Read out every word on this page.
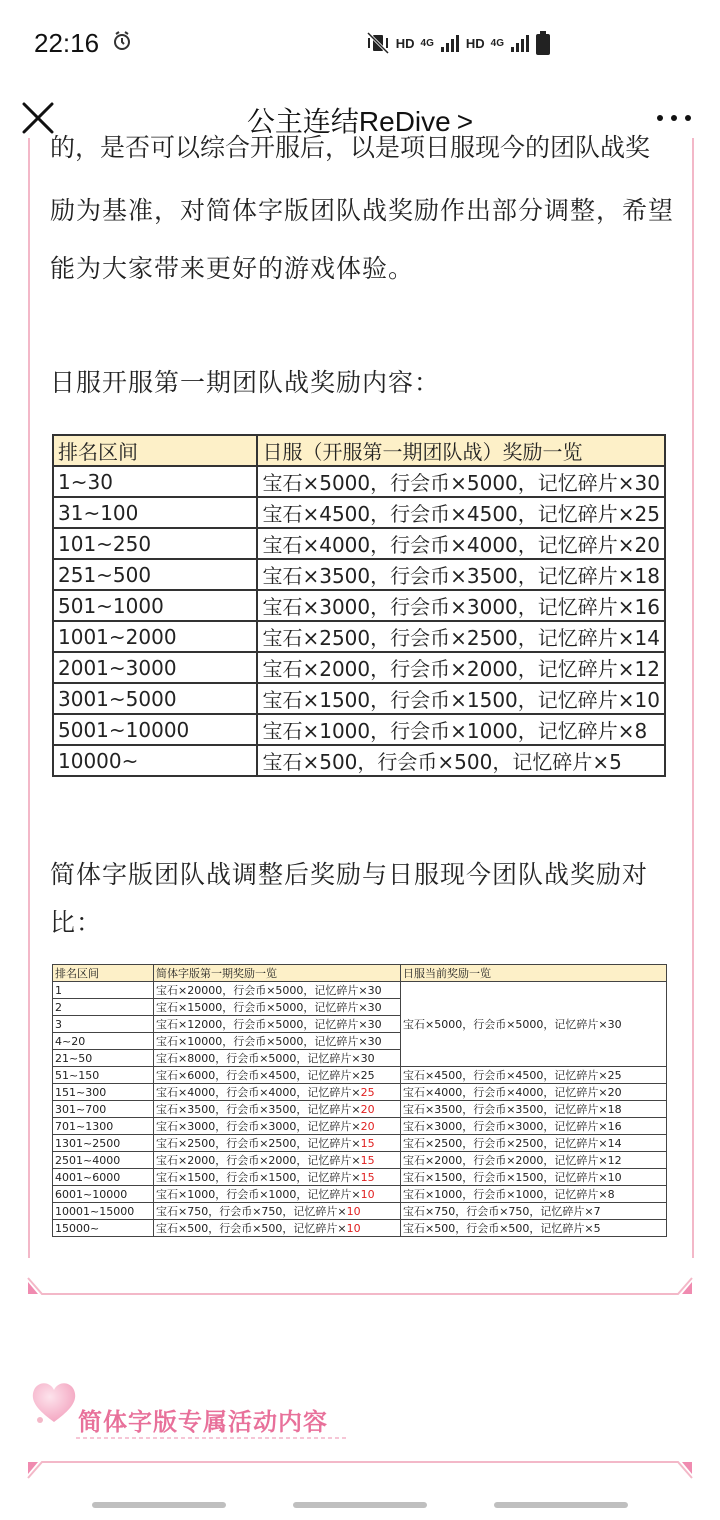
22:16	HD 4G HD 4G
公主连结ReDive >
的，是否可以综合开服后，以是项日服现今的团队战奖
励为基准，对简体字版团队战奖励作出部分调整，希望
能为大家带来更好的游戏体验。
日服开服第一期团队战奖励内容：
排名区间	日服（开服第一期团队战）奖励一览
1~30	宝石×5000，行会币×5000，记忆碎片×30
31~100	宝石×4500，行会币×4500，记忆碎片×25
101~250	宝石×4000，行会币×4000，记忆碎片×20
251~500	宝石×3500，行会币×3500，记忆碎片×18
501~1000	宝石×3000，行会币×3000，记忆碎片×16
1001~2000	宝石×2500，行会币×2500，记忆碎片×14
2001~3000	宝石×2000，行会币×2000，记忆碎片×12
3001~5000	宝石×1500，行会币×1500，记忆碎片×10
5001~10000	宝石×1000，行会币×1000，记忆碎片×8
10000~	宝石×500，行会币×500，记忆碎片×5
简体字版团队战调整后奖励与日服现今团队战奖励对
比：
排名区间	简体字版第一期奖励一览	日服当前奖励一览
1	宝石×20000，行会币×5000，记忆碎片×30	宝石×5000，行会币×5000，记忆碎片×30
2	宝石×15000，行会币×5000，记忆碎片×30	
3	宝石×12000，行会币×5000，记忆碎片×30	
4~20	宝石×10000，行会币×5000，记忆碎片×30	
21~50	宝石×8000，行会币×5000，记忆碎片×30	
51~150	宝石×6000，行会币×4500，记忆碎片×25	宝石×4500，行会币×4500，记忆碎片×25
151~300	宝石×4000，行会币×4000，记忆碎片×25	宝石×4000，行会币×4000，记忆碎片×20
301~700	宝石×3500，行会币×3500，记忆碎片×20	宝石×3500，行会币×3500，记忆碎片×18
701~1300	宝石×3000，行会币×3000，记忆碎片×20	宝石×3000，行会币×3000，记忆碎片×16
1301~2500	宝石×2500，行会币×2500，记忆碎片×15	宝石×2500，行会币×2500，记忆碎片×14
2501~4000	宝石×2000，行会币×2000，记忆碎片×15	宝石×2000，行会币×2000，记忆碎片×12
4001~6000	宝石×1500，行会币×1500，记忆碎片×15	宝石×1500，行会币×1500，记忆碎片×10
6001~10000	宝石×1000，行会币×1000，记忆碎片×10	宝石×1000，行会币×1000，记忆碎片×8
10001~15000	宝石×750，行会币×750，记忆碎片×10	宝石×750，行会币×750，记忆碎片×7
15000~	宝石×500，行会币×500，记忆碎片×10	宝石×500，行会币×500，记忆碎片×5
简体字版专属活动内容
